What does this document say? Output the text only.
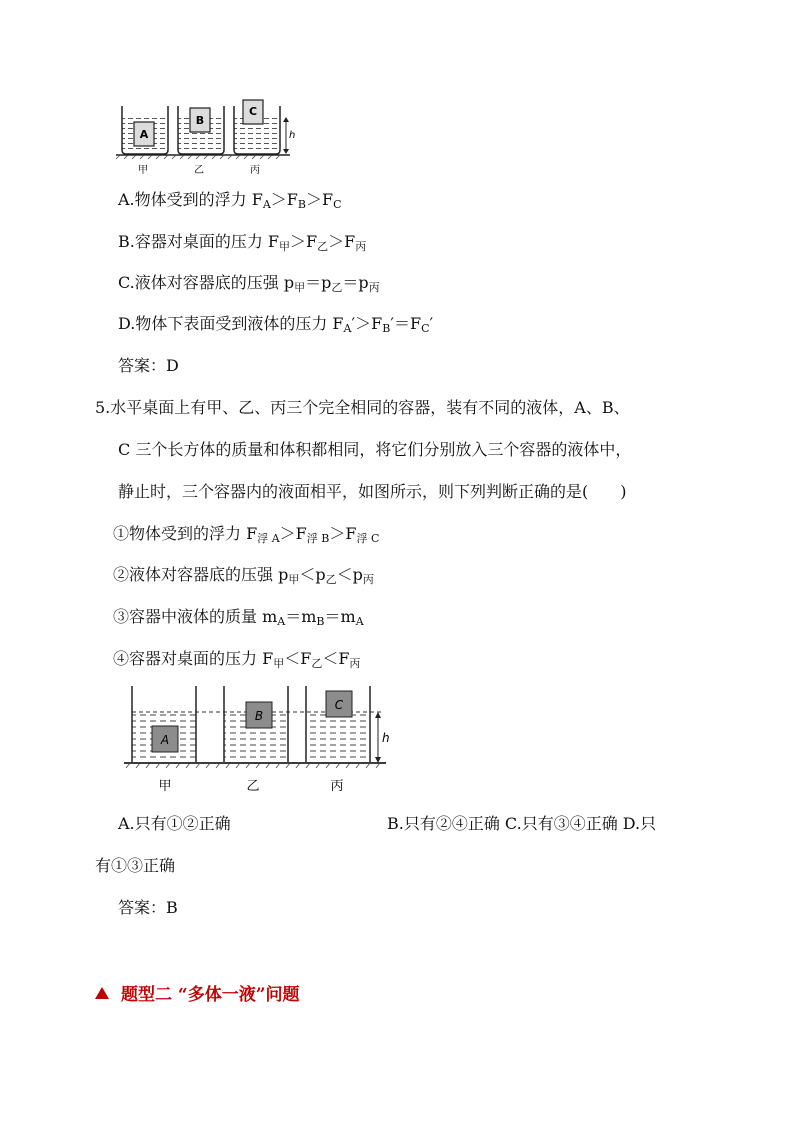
A
B
C
h
甲	乙	丙
A.物体受到的浮力 $F_A>F_B>F_C$
B.容器对桌面的压力 $F_甲>F_乙>F_丙$
C.液体对容器底的压强 $p_甲=p_乙=p_丙$
D.物体下表面受到液体的压力 $F_A'>F_B'=F_C'$
答案：D
5.水平桌面上有甲、乙、丙三个完全相同的容器，装有不同的液体，A、B、
C 三个长方体的质量和体积都相同，将它们分别放入三个容器的液体中，
静止时，三个容器内的液面相平，如图所示，则下列判断正确的是(　　)
①物体受到的浮力 $F_{浮 A}>F_{浮 B}>F_{浮 C}$
②液体对容器底的压强 $p_甲<p_乙<p_丙$
③容器中液体的质量 $m_A=m_B=m_A$
④容器对桌面的压力 $F_甲<F_乙<F_丙$
A
B
C
h
甲	乙	丙
A.只有①②正确	B.只有②④正确 C.只有③④正确 D.只
有①③正确
答案：B
题型二 “多体一液”问题
